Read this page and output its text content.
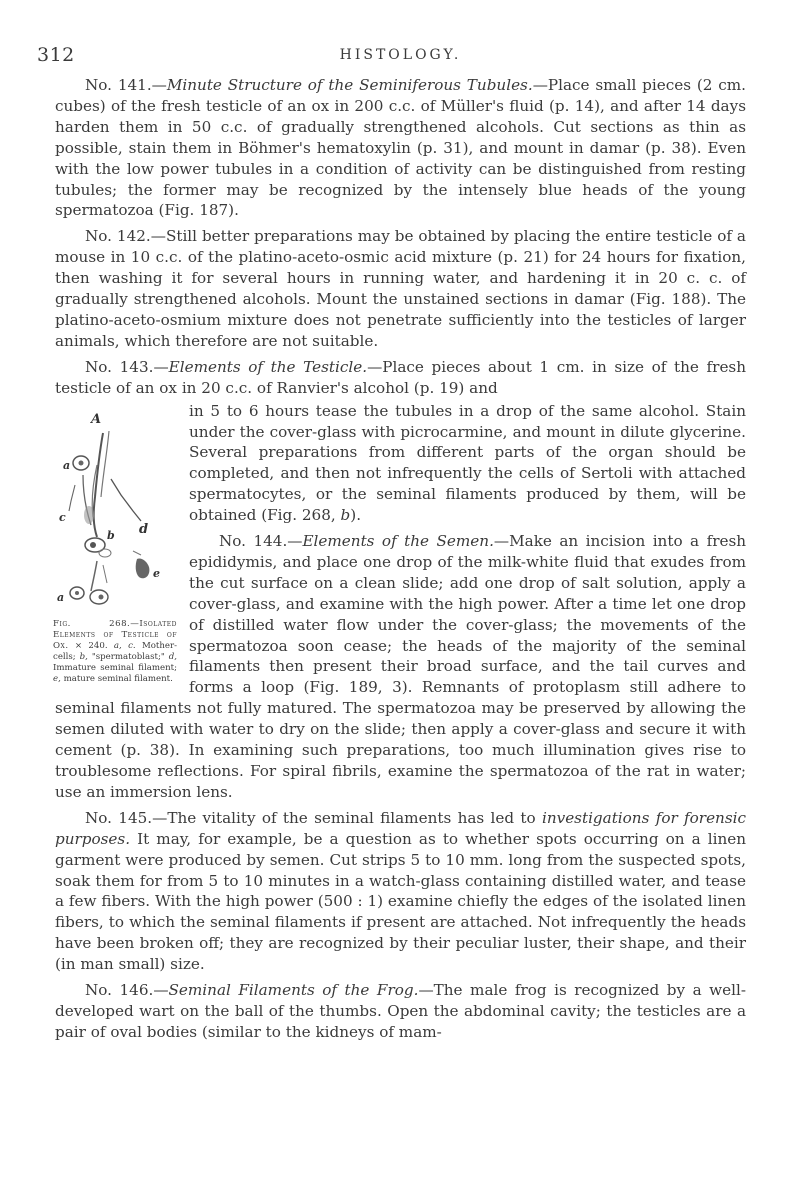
312	HISTOLOGY.

No. 141.—Minute Structure of the Seminiferous Tubules.—Place small pieces (2 cm. cubes) of the fresh testicle of an ox in 200 c.c. of Müller's fluid (p. 14), and after 14 days harden them in 50 c.c. of gradually strengthened alcohols. Cut sections as thin as possible, stain them in Böhmer's hematoxylin (p. 31), and mount in damar (p. 38). Even with the low power tubules in a condition of activity can be distinguished from resting tubules; the former may be recognized by the intensely blue heads of the young spermatozoa (Fig. 187).

No. 142.—Still better preparations may be obtained by placing the entire testicle of a mouse in 10 c.c. of the platino-aceto-osmic acid mixture (p. 21) for 24 hours for fixation, then washing it for several hours in running water, and hardening it in 20 c. c. of gradually strengthened alcohols. Mount the unstained sections in damar (Fig. 188). The platino-aceto-osmium mixture does not penetrate sufficiently into the testicles of larger animals, which therefore are not suitable.

No. 143.—Elements of the Testicle.—Place pieces about 1 cm. in size of the fresh testicle of an ox in 20 c.c. of Ranvier's alcohol (p. 19) and

A
a
c
d
b
a
e
Fig. 268.—Isolated Elements of Testicle of Ox. × 240. a, c. Mother-cells; b, "spermatoblast;" d, Immature seminal filament; e, mature seminal filament.
in 5 to 6 hours tease the tubules in a drop of the same alcohol. Stain under the cover-glass with picrocarmine, and mount in dilute glycerine. Several preparations from different parts of the organ should be completed, and then not infrequently the cells of Sertoli with attached spermatocytes, or the seminal filaments produced by them, will be obtained (Fig. 268, b).

No. 144.—Elements of the Semen.—Make an incision into a fresh epididymis, and place one drop of the milk-white fluid that exudes from the cut surface on a clean slide; add one drop of salt solution, apply a cover-glass, and examine with the high power. After a time let one drop of distilled water flow under the cover-glass; the movements of the spermatozoa soon cease; the heads of the majority of the seminal filaments then present their broad surface, and the tail curves and forms a loop (Fig. 189, 3). Remnants of protoplasm still adhere to seminal filaments not fully matured. The spermatozoa may be preserved by allowing the semen diluted with water to dry on the slide; then apply a cover-glass and secure it with cement (p. 38). In examining such preparations, too much illumination gives rise to troublesome reflections. For spiral fibrils, examine the spermatozoa of the rat in water; use an immersion lens.

No. 145.—The vitality of the seminal filaments has led to investigations for forensic purposes. It may, for example, be a question as to whether spots occurring on a linen garment were produced by semen. Cut strips 5 to 10 mm. long from the suspected spots, soak them for from 5 to 10 minutes in a watch-glass containing distilled water, and tease a few fibers. With the high power (500 : 1) examine chiefly the edges of the isolated linen fibers, to which the seminal filaments if present are attached. Not infrequently the heads have been broken off; they are recognized by their peculiar luster, their shape, and their (in man small) size.

No. 146.—Seminal Filaments of the Frog.—The male frog is recognized by a well-developed wart on the ball of the thumbs. Open the abdominal cavity; the testicles are a pair of oval bodies (similar to the kidneys of mam-
